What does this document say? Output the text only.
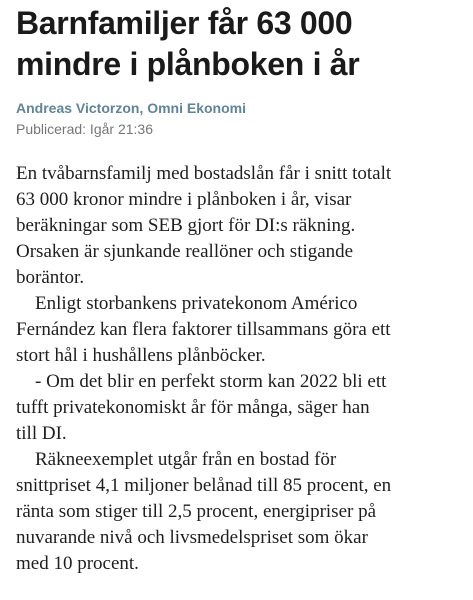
Barnfamiljer får 63 000
mindre i plånboken i år
Andreas Victorzon, Omni Ekonomi
Publicerad: Igår 21:36

En tvåbarnsfamilj med bostadslån får i snitt totalt
63 000 kronor mindre i plånboken i år, visar
beräkningar som SEB gjort för DI:s räkning.
Orsaken är sjunkande reallöner och stigande
boräntor.

Enligt storbankens privatekonom Américo
Fernández kan flera faktorer tillsammans göra ett
stort hål i hushållens plånböcker.

- Om det blir en perfekt storm kan 2022 bli ett
tufft privatekonomiskt år för många, säger han
till DI.

Räkneexemplet utgår från en bostad för
snittpriset 4,1 miljoner belånad till 85 procent, en
ränta som stiger till 2,5 procent, energipriser på
nuvarande nivå och livsmedelspriset som ökar
med 10 procent.
